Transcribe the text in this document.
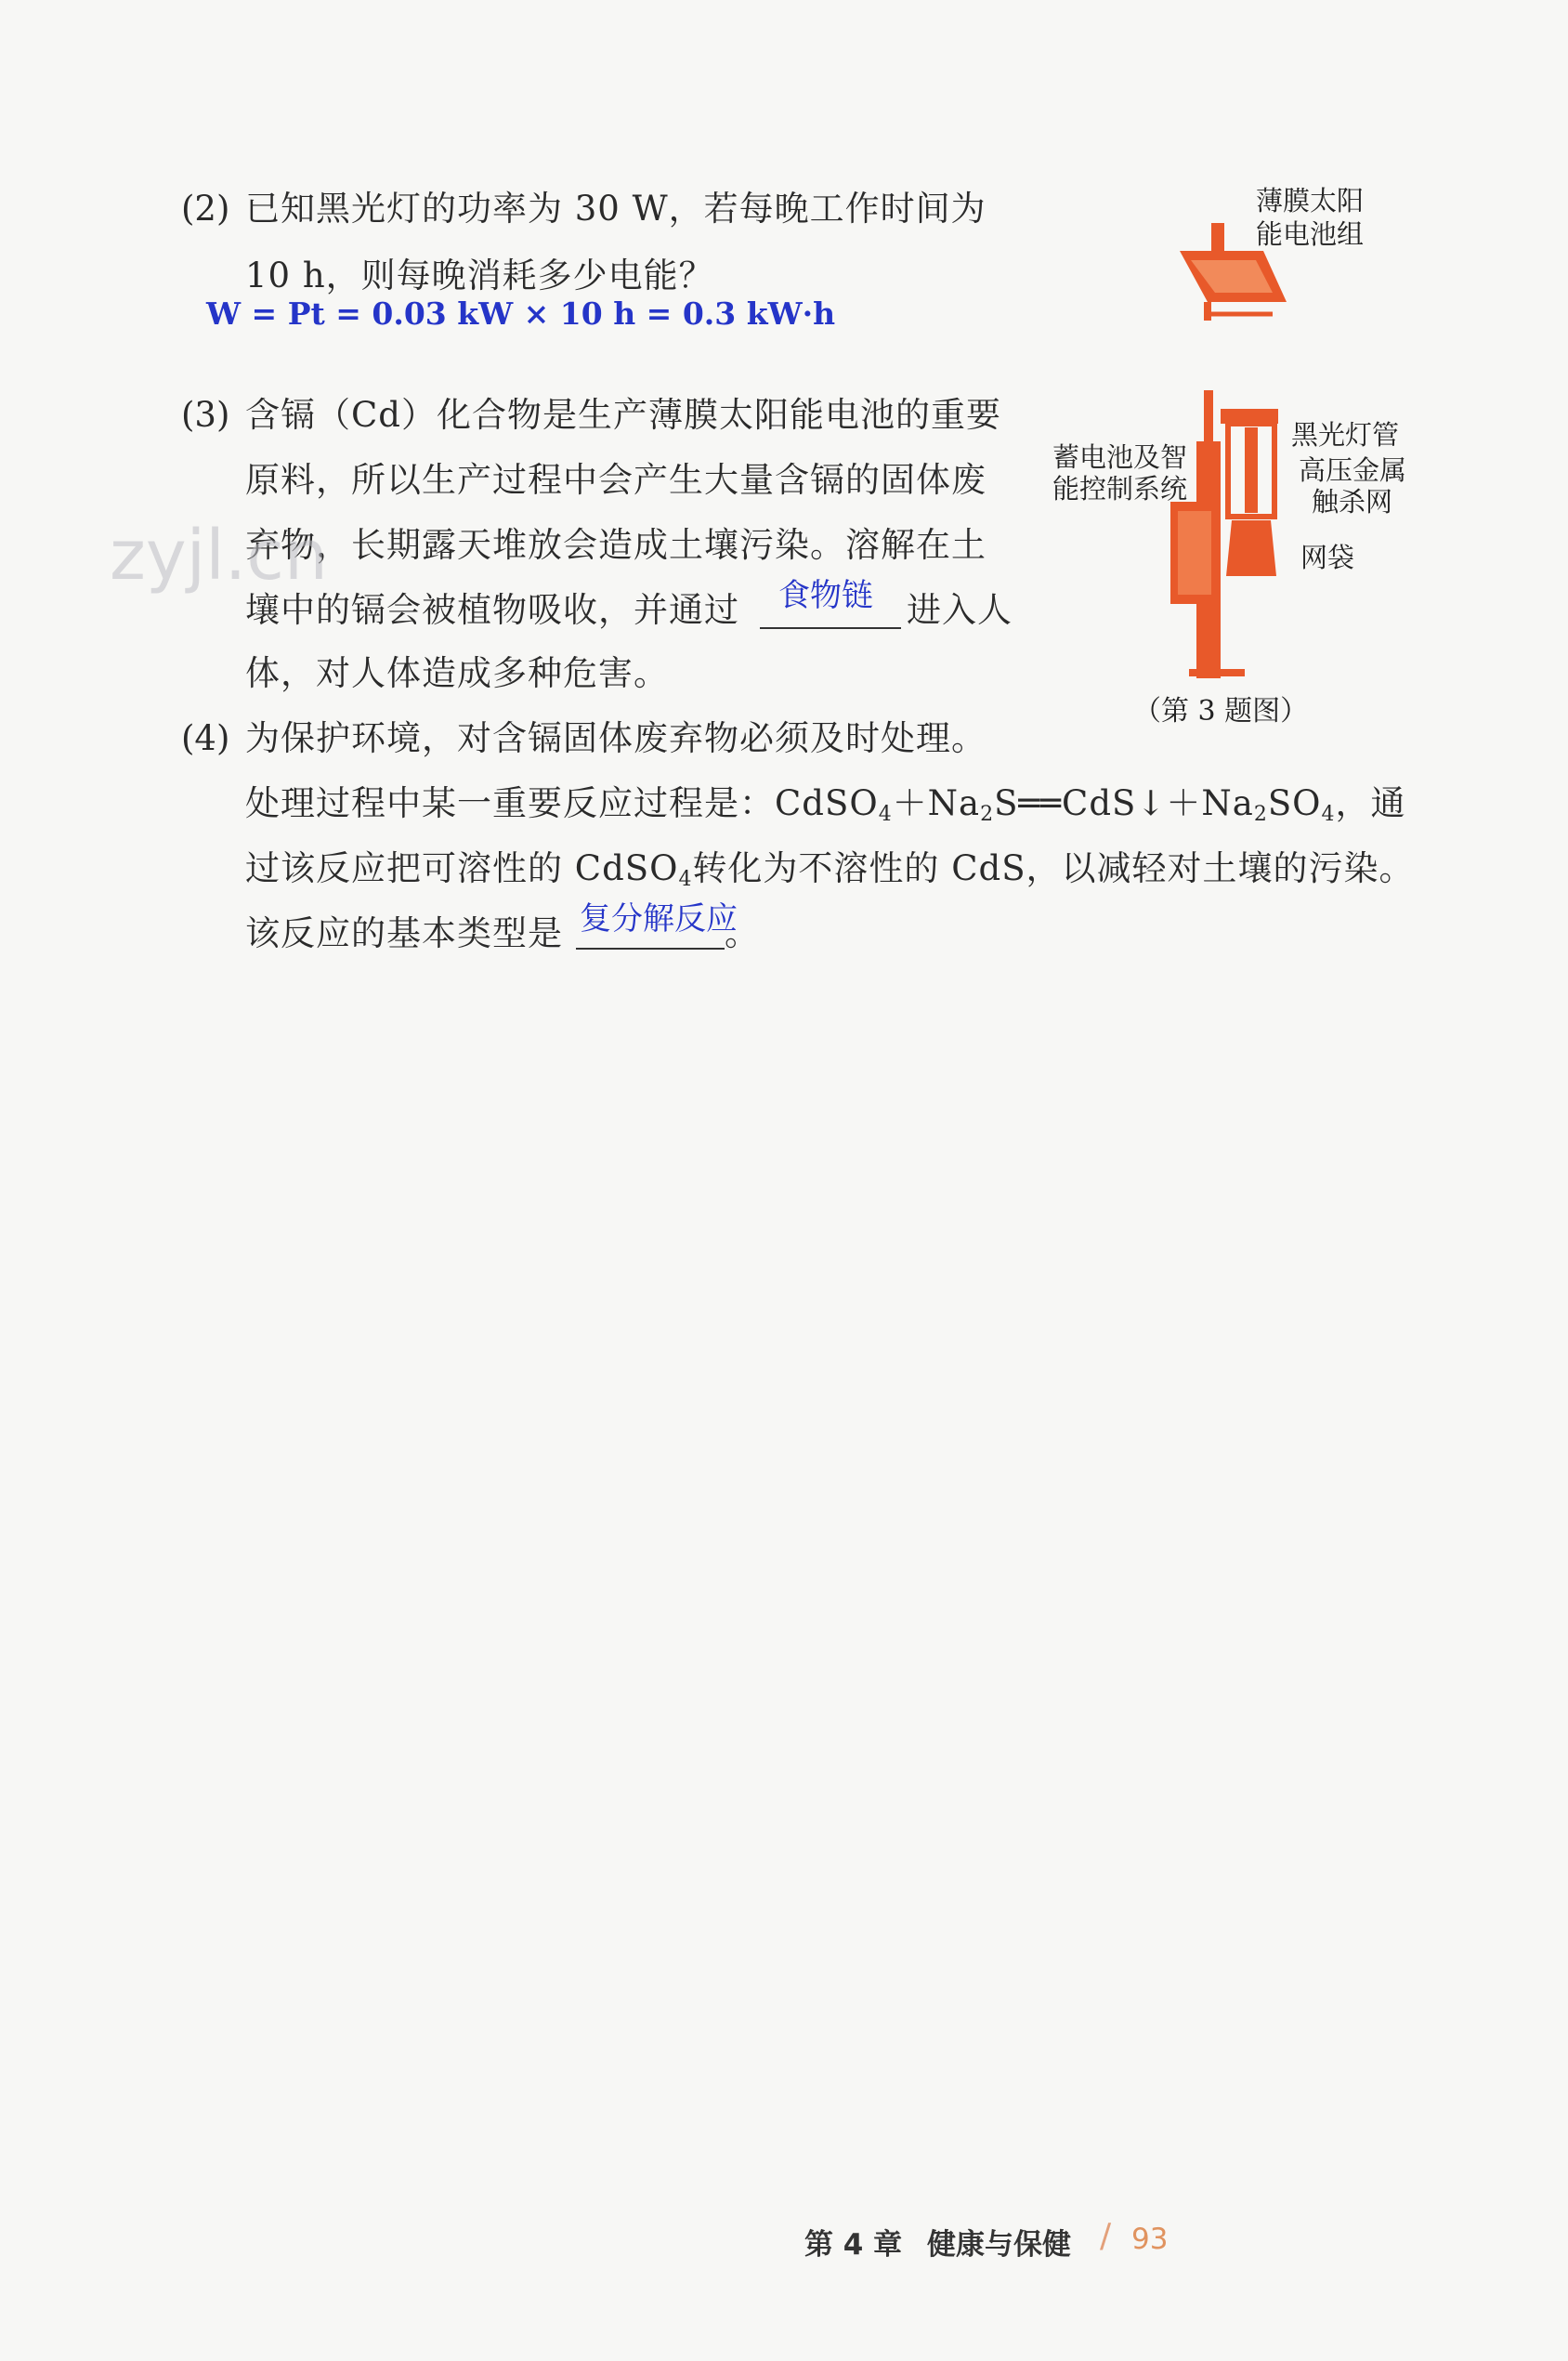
(2) 已知黑光灯的功率为 30 W，若每晚工作时间为
10 h，则每晚消耗多少电能？
W = Pt = 0.03 kW × 10 h = 0.3 kW·h
(3) 含镉（Cd）化合物是生产薄膜太阳能电池的重要
原料，所以生产过程中会产生大量含镉的固体废
弃物，长期露天堆放会造成土壤污染。溶解在土
壤中的镉会被植物吸收，并通过 食物链 进入人
体，对人体造成多种危害。
(4) 为保护环境，对含镉固体废弃物必须及时处理。
处理过程中某一重要反应过程是：$CdSO_4+Na_2S══CdS↓+Na_2SO_4$，通
过该反应把可溶性的 CdSO$_4$转化为不溶性的 CdS，以减轻对土壤的污染。
该反应的基本类型是 复分解反应
。
薄膜太阳
能电池组
蓄电池及智
能控制系统
黑光灯管
高压金属
触杀网
网袋
（第 3 题图）
zyjl.cn
第 4 章 健康与保健 / 93
